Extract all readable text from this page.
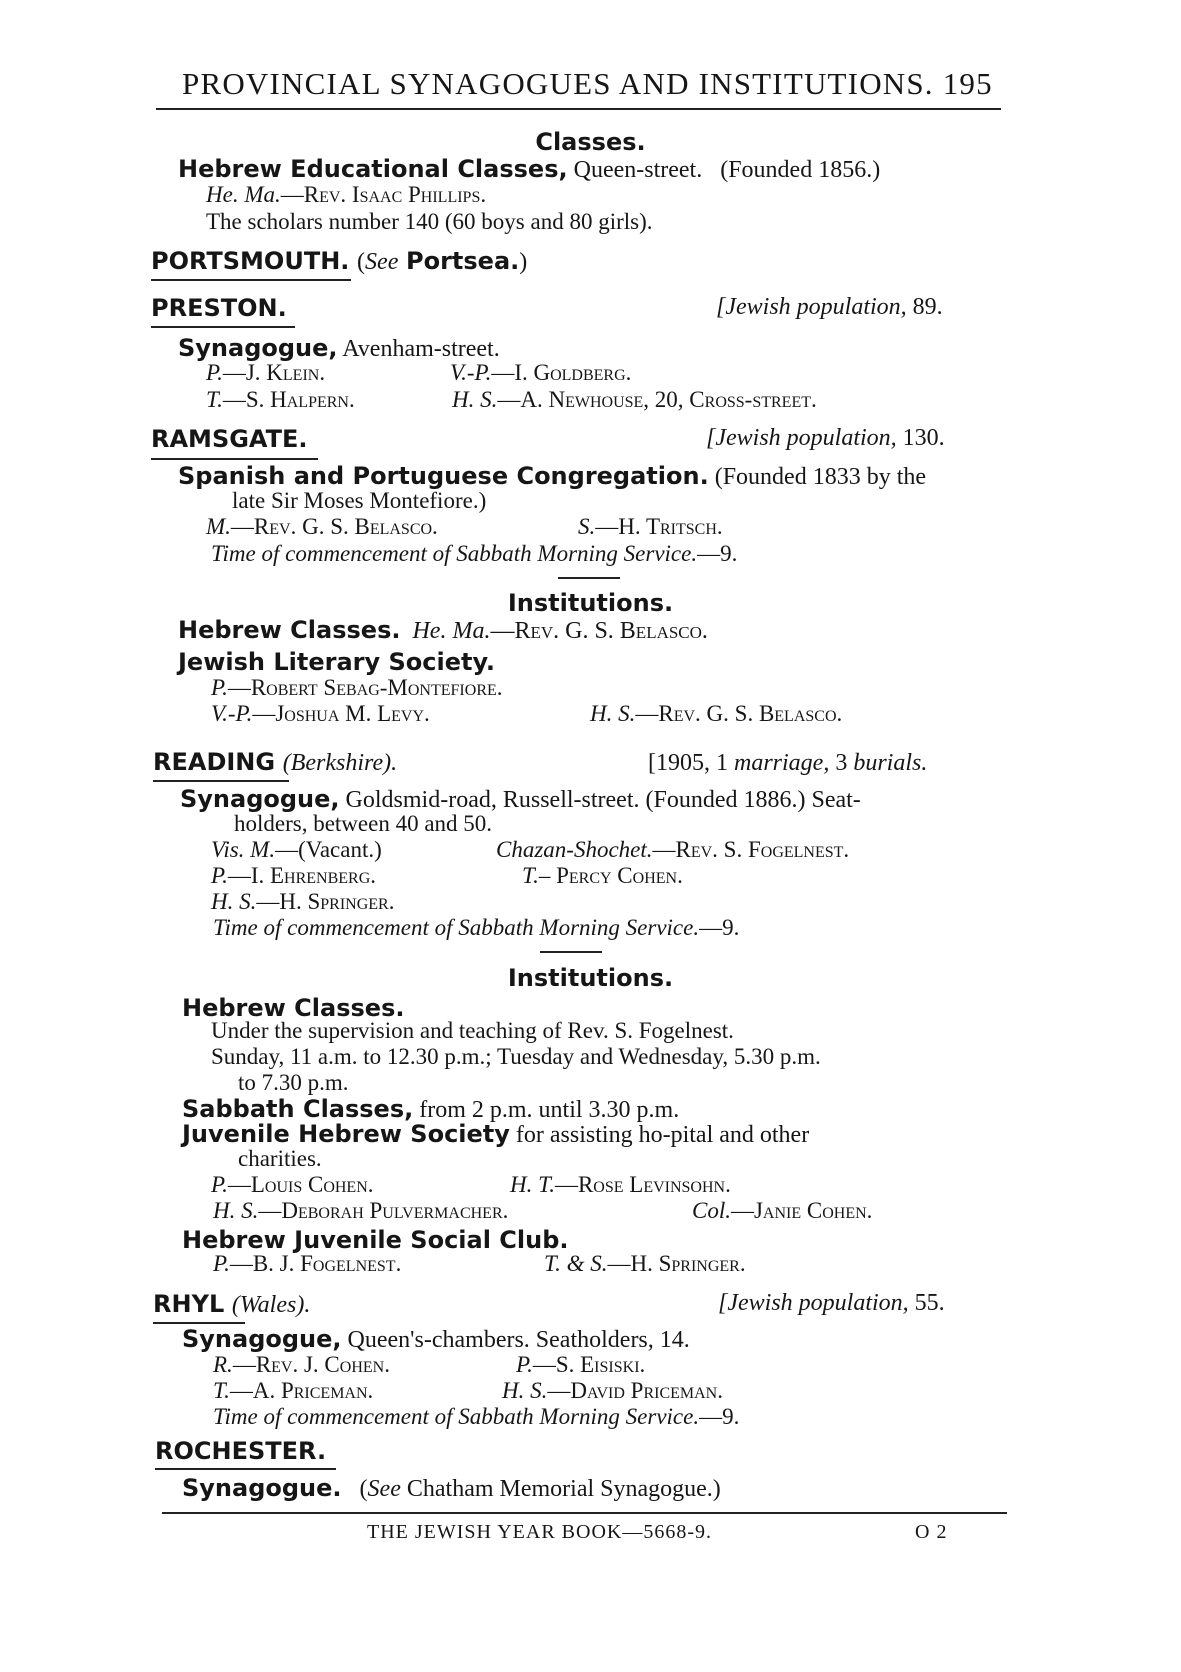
PROVINCIAL SYNAGOGUES AND INSTITUTIONS. 195
Classes.
Hebrew Educational Classes, Queen-street. (Founded 1856.)
He. Ma.—Rev. Isaac Phillips.
The scholars number 140 (60 boys and 80 girls).
PORTSMOUTH. (See Portsea.)
PRESTON.	[Jewish population, 89.
Synagogue, Avenham-street.
P.—J. Klein.	V.-P.—I. Goldberg.
T.—S. Halpern.	H. S.—A. Newhouse, 20, Cross-street.
RAMSGATE.	[Jewish population, 130.
Spanish and Portuguese Congregation. (Founded 1833 by the
late Sir Moses Montefiore.)
M.—Rev. G. S. Belasco.	S.—H. Tritsch.
Time of commencement of Sabbath Morning Service.—9.
Institutions.
Hebrew Classes. He. Ma.—Rev. G. S. Belasco.
Jewish Literary Society.
P.—Robert Sebag-Montefiore.
V.-P.—Joshua M. Levy.	H. S.—Rev. G. S. Belasco.
READING (Berkshire).	[1905, 1 marriage, 3 burials.
Synagogue, Goldsmid-road, Russell-street. (Founded 1886.) Seat-
holders, between 40 and 50.
Vis. M.—(Vacant.)	Chazan-Shochet.—Rev. S. Fogelnest.
P.—I. Ehrenberg.	T.– Percy Cohen.
H. S.—H. Springer.
Time of commencement of Sabbath Morning Service.—9.
Institutions.
Hebrew Classes.
Under the supervision and teaching of Rev. S. Fogelnest.
Sunday, 11 a.m. to 12.30 p.m.; Tuesday and Wednesday, 5.30 p.m.
to 7.30 p.m.
Sabbath Classes, from 2 p.m. until 3.30 p.m.
Juvenile Hebrew Society for assisting ho-pital and other
charities.
P.—Louis Cohen.	H. T.—Rose Levinsohn.
H. S.—Deborah Pulvermacher.	Col.—Janie Cohen.
Hebrew Juvenile Social Club.
P.—B. J. Fogelnest.	T. & S.—H. Springer.
RHYL (Wales).	[Jewish population, 55.
Synagogue, Queen's-chambers. Seatholders, 14.
R.—Rev. J. Cohen.	P.—S. Eisiski.
T.—A. Priceman.	H. S.—David Priceman.
Time of commencement of Sabbath Morning Service.—9.
ROCHESTER.
Synagogue. (See Chatham Memorial Synagogue.)
THE JEWISH YEAR BOOK—5668-9.	O 2
